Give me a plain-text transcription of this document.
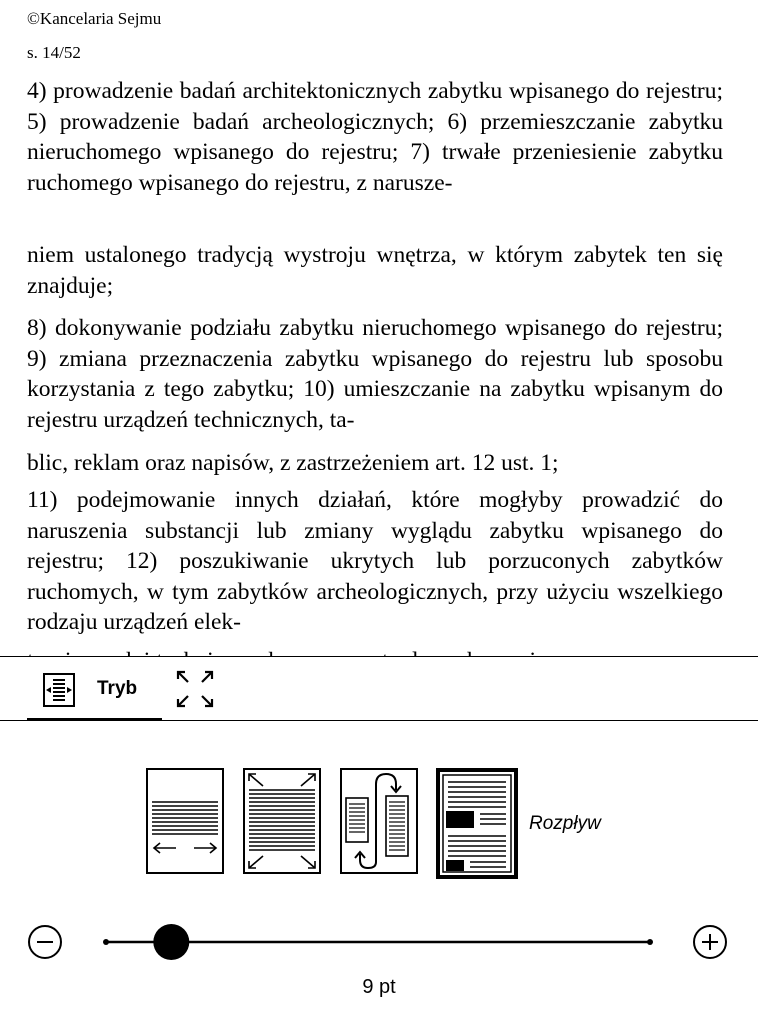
©Kancelaria Sejmu
s. 14/52

4) prowadzenie badań architektonicznych zabytku wpisanego do rejestru; 5) prowadzenie badań archeologicznych; 6) przemieszczanie zabytku nieruchomego wpisanego do rejestru; 7) trwałe przeniesienie zabytku ruchomego wpisanego do rejestru, z narusze-

niem ustalonego tradycją wystroju wnętrza, w którym zabytek ten się znajduje;

8) dokonywanie podziału zabytku nieruchomego wpisanego do rejestru; 9) zmiana przeznaczenia zabytku wpisanego do rejestru lub sposobu korzystania z tego zabytku; 10) umieszczanie na zabytku wpisanym do rejestru urządzeń technicznych, ta-

blic, reklam oraz napisów, z zastrzeżeniem art. 12 ust. 1;

11) podejmowanie innych działań, które mogłyby prowadzić do naruszenia substancji lub zmiany wyglądu zabytku wpisanego do rejestru; 12) poszukiwanie ukrytych lub porzuconych zabytków ruchomych, w tym zabytków archeologicznych, przy użyciu wszelkiego rodzaju urządzeń elek-

Tryb
Rozpływ
9 pt
